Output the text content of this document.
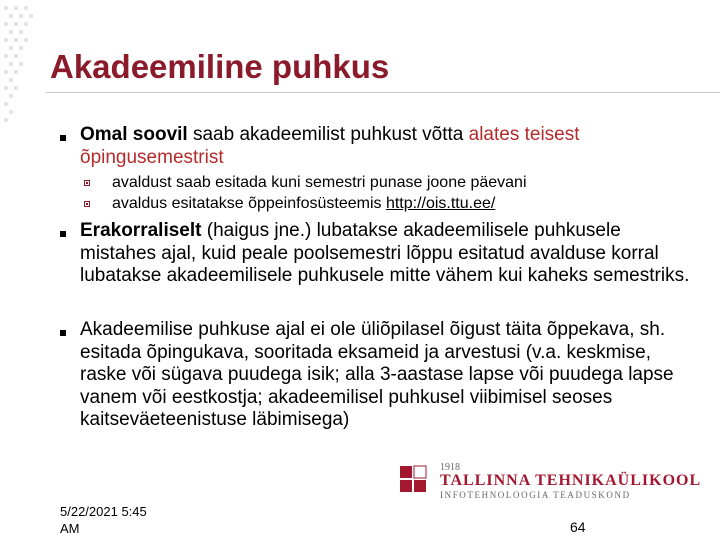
Akadeemiline puhkus
Omal soovil saab akadeemilist puhkust võtta alates teisest õpingusemestrist
avaldust saab esitada kuni semestri punase joone päevani
avaldus esitatakse õppeinfosüsteemis http://ois.ttu.ee/
Erakorraliselt (haigus jne.) lubatakse akadeemilisele puhkusele mistahes ajal, kuid peale poolsemestri lõppu esitatud avalduse korral lubatakse akadeemilisele puhkusele mitte vähem kui kaheks semestriks.
Akadeemilise puhkuse ajal ei ole üliõpilasel õigust täita õppekava, sh. esitada õpingukava, sooritada eksameid ja arvestusi (v.a. keskmise, raske või sügava puudega isik; alla 3-aastase lapse või puudega lapse vanem või eestkostja; akadeemilisel puhkusel viibimisel seoses kaitseväeteenistuse läbimisega)
1918
TALLINNA TEHNIKAÜLIKOOL
INFOTEHNOLOOGIA TEADUSKOND
5/22/2021 5:45
AM	64
